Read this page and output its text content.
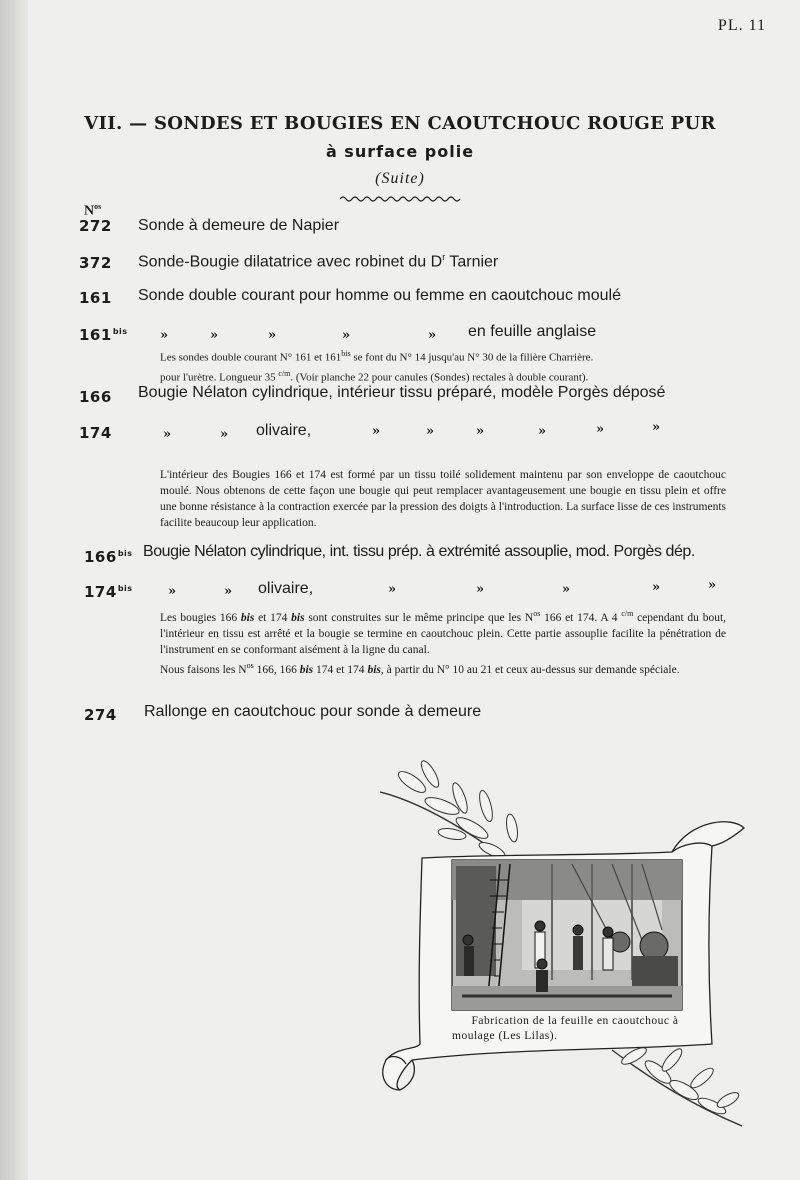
PL. 11
VII. — SONDES ET BOUGIES EN CAOUTCHOUC ROUGE PUR
à surface polie
(Suite)
$N^{os}$
272 Sonde à demeure de Napier
372 Sonde-Bougie dilatatrice avec robinet du $D^r$ Tarnier
161 Sonde double courant pour homme ou femme en caoutchouc moulé
$161^{bis}$ »	»	»	»	» en feuille anglaise
Les sondes double courant N° 161 et $161^{bis}$ se font du N° 14 jusqu'au N° 30 de la filière Charrière.
pour l'urètre. Longueur 35 $^{c/m}$. (Voir planche 22 pour canules (Sondes) rectales à double courant).
166 Bougie Nélaton cylindrique, intérieur tissu préparé, modèle Porgès déposé
174	»	» olivaire,	»	»	»	»	»	»
L'intérieur des Bougies 166 et 174 est formé par un tissu toilé solidement maintenu par son enveloppe de caoutchouc moulé. Nous obtenons de cette façon une bougie qui peut remplacer avantageusement une bougie en tissu plein et offre une bonne résistance à la contraction exercée par la pression des doigts à l'introduction. La surface lisse de ces instruments facilite beaucoup leur application.
$166^{bis}$ Bougie Nélaton cylindrique, int. tissu prép. à extrémité assouplie, mod. Porgès dép.
$174^{bis}$	»	» olivaire,	»	»	»	»	»
Les bougies 166 bis et 174 bis sont construites sur le même principe que les $N^{os}$ 166 et 174. A 4 $^{c/m}$ cependant du bout, l'intérieur en tissu est arrêté et la bougie se termine en caoutchouc plein. Cette partie assouplie facilite la pénétration de l'instrument en se conformant aisément à la ligne du canal.
Nous faisons les $N^{os}$ 166, 166 bis 174 et 174 bis, à partir du N° 10 au 21 et ceux au-dessus sur demande spéciale.
274 Rallonge en caoutchouc pour sonde à demeure
Fabrication de la feuille en caoutchouc à
moulage (Les Lilas).
